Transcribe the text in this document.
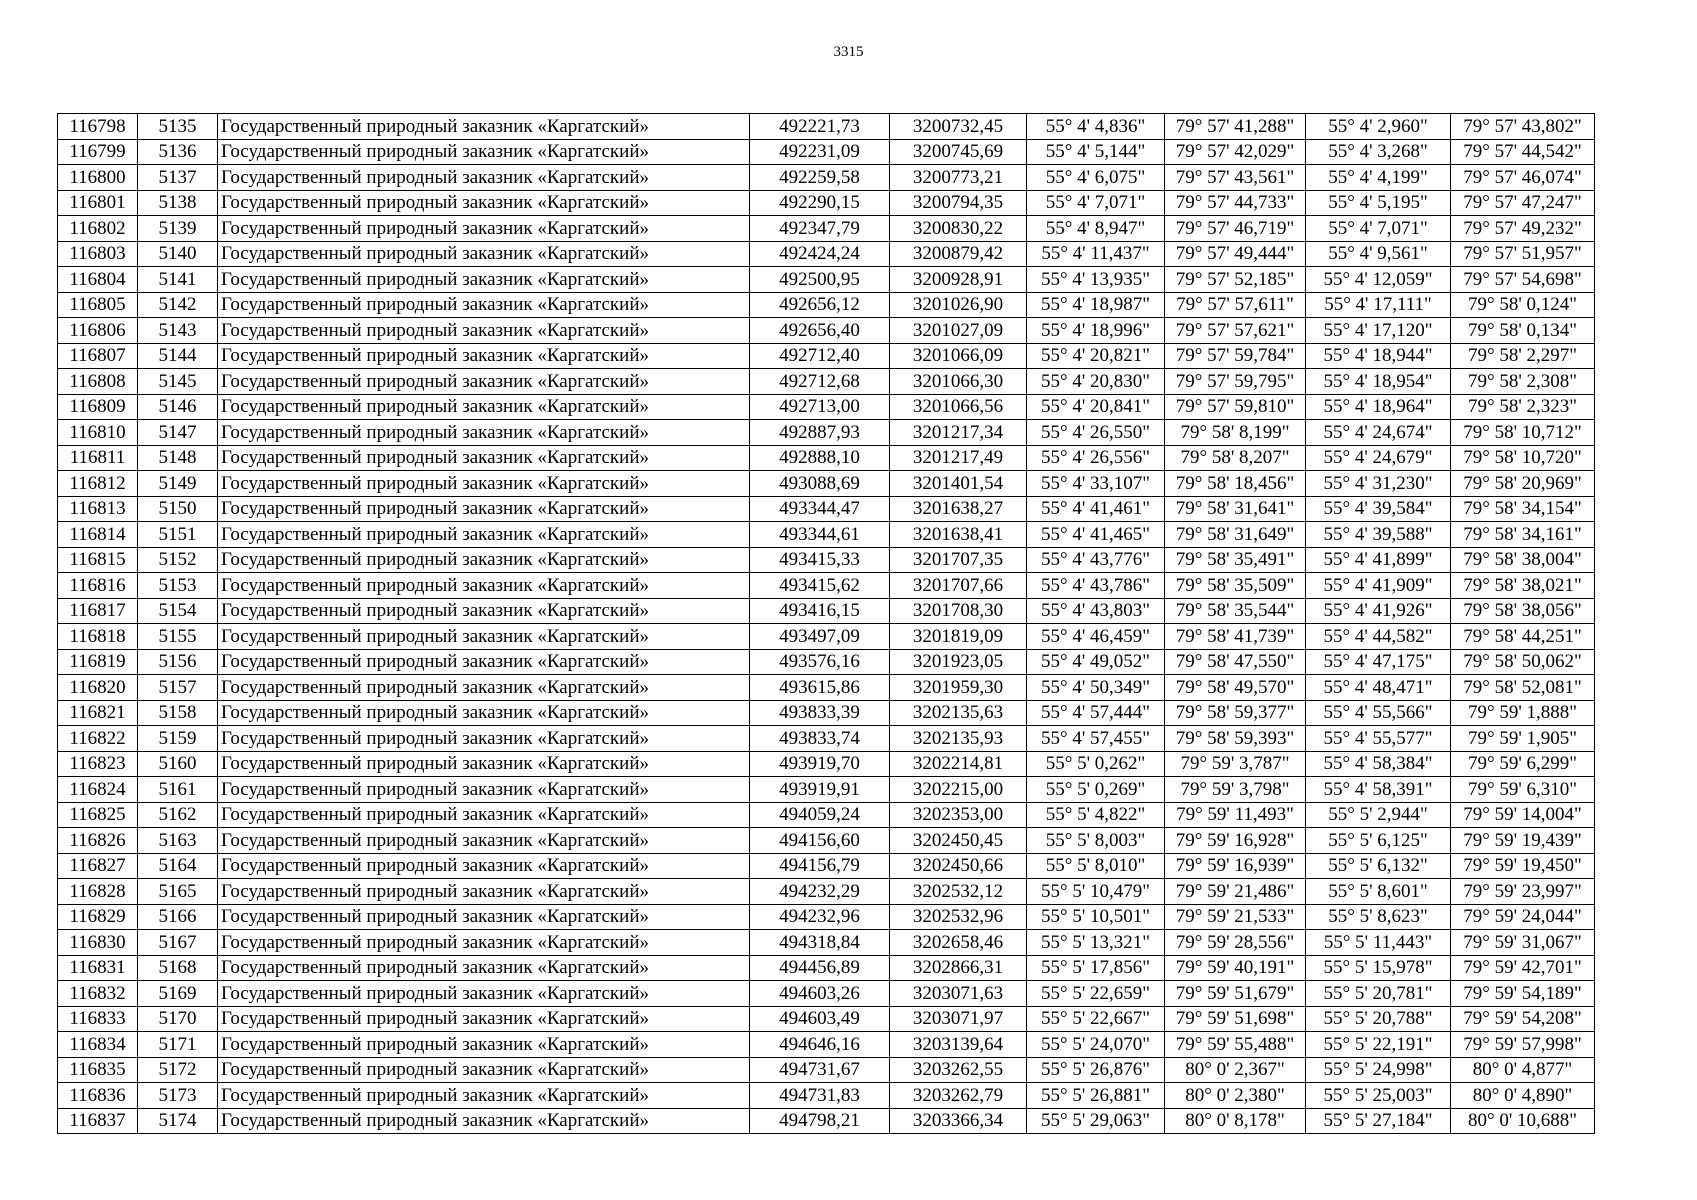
3315
116798	5135	Государственный природный заказник «Каргатский»	492221,73	3200732,45	55° 4' 4,836"	79° 57' 41,288"	55° 4' 2,960"	79° 57' 43,802"
116799	5136	Государственный природный заказник «Каргатский»	492231,09	3200745,69	55° 4' 5,144"	79° 57' 42,029"	55° 4' 3,268"	79° 57' 44,542"
116800	5137	Государственный природный заказник «Каргатский»	492259,58	3200773,21	55° 4' 6,075"	79° 57' 43,561"	55° 4' 4,199"	79° 57' 46,074"
116801	5138	Государственный природный заказник «Каргатский»	492290,15	3200794,35	55° 4' 7,071"	79° 57' 44,733"	55° 4' 5,195"	79° 57' 47,247"
116802	5139	Государственный природный заказник «Каргатский»	492347,79	3200830,22	55° 4' 8,947"	79° 57' 46,719"	55° 4' 7,071"	79° 57' 49,232"
116803	5140	Государственный природный заказник «Каргатский»	492424,24	3200879,42	55° 4' 11,437"	79° 57' 49,444"	55° 4' 9,561"	79° 57' 51,957"
116804	5141	Государственный природный заказник «Каргатский»	492500,95	3200928,91	55° 4' 13,935"	79° 57' 52,185"	55° 4' 12,059"	79° 57' 54,698"
116805	5142	Государственный природный заказник «Каргатский»	492656,12	3201026,90	55° 4' 18,987"	79° 57' 57,611"	55° 4' 17,111"	79° 58' 0,124"
116806	5143	Государственный природный заказник «Каргатский»	492656,40	3201027,09	55° 4' 18,996"	79° 57' 57,621"	55° 4' 17,120"	79° 58' 0,134"
116807	5144	Государственный природный заказник «Каргатский»	492712,40	3201066,09	55° 4' 20,821"	79° 57' 59,784"	55° 4' 18,944"	79° 58' 2,297"
116808	5145	Государственный природный заказник «Каргатский»	492712,68	3201066,30	55° 4' 20,830"	79° 57' 59,795"	55° 4' 18,954"	79° 58' 2,308"
116809	5146	Государственный природный заказник «Каргатский»	492713,00	3201066,56	55° 4' 20,841"	79° 57' 59,810"	55° 4' 18,964"	79° 58' 2,323"
116810	5147	Государственный природный заказник «Каргатский»	492887,93	3201217,34	55° 4' 26,550"	79° 58' 8,199"	55° 4' 24,674"	79° 58' 10,712"
116811	5148	Государственный природный заказник «Каргатский»	492888,10	3201217,49	55° 4' 26,556"	79° 58' 8,207"	55° 4' 24,679"	79° 58' 10,720"
116812	5149	Государственный природный заказник «Каргатский»	493088,69	3201401,54	55° 4' 33,107"	79° 58' 18,456"	55° 4' 31,230"	79° 58' 20,969"
116813	5150	Государственный природный заказник «Каргатский»	493344,47	3201638,27	55° 4' 41,461"	79° 58' 31,641"	55° 4' 39,584"	79° 58' 34,154"
116814	5151	Государственный природный заказник «Каргатский»	493344,61	3201638,41	55° 4' 41,465"	79° 58' 31,649"	55° 4' 39,588"	79° 58' 34,161"
116815	5152	Государственный природный заказник «Каргатский»	493415,33	3201707,35	55° 4' 43,776"	79° 58' 35,491"	55° 4' 41,899"	79° 58' 38,004"
116816	5153	Государственный природный заказник «Каргатский»	493415,62	3201707,66	55° 4' 43,786"	79° 58' 35,509"	55° 4' 41,909"	79° 58' 38,021"
116817	5154	Государственный природный заказник «Каргатский»	493416,15	3201708,30	55° 4' 43,803"	79° 58' 35,544"	55° 4' 41,926"	79° 58' 38,056"
116818	5155	Государственный природный заказник «Каргатский»	493497,09	3201819,09	55° 4' 46,459"	79° 58' 41,739"	55° 4' 44,582"	79° 58' 44,251"
116819	5156	Государственный природный заказник «Каргатский»	493576,16	3201923,05	55° 4' 49,052"	79° 58' 47,550"	55° 4' 47,175"	79° 58' 50,062"
116820	5157	Государственный природный заказник «Каргатский»	493615,86	3201959,30	55° 4' 50,349"	79° 58' 49,570"	55° 4' 48,471"	79° 58' 52,081"
116821	5158	Государственный природный заказник «Каргатский»	493833,39	3202135,63	55° 4' 57,444"	79° 58' 59,377"	55° 4' 55,566"	79° 59' 1,888"
116822	5159	Государственный природный заказник «Каргатский»	493833,74	3202135,93	55° 4' 57,455"	79° 58' 59,393"	55° 4' 55,577"	79° 59' 1,905"
116823	5160	Государственный природный заказник «Каргатский»	493919,70	3202214,81	55° 5' 0,262"	79° 59' 3,787"	55° 4' 58,384"	79° 59' 6,299"
116824	5161	Государственный природный заказник «Каргатский»	493919,91	3202215,00	55° 5' 0,269"	79° 59' 3,798"	55° 4' 58,391"	79° 59' 6,310"
116825	5162	Государственный природный заказник «Каргатский»	494059,24	3202353,00	55° 5' 4,822"	79° 59' 11,493"	55° 5' 2,944"	79° 59' 14,004"
116826	5163	Государственный природный заказник «Каргатский»	494156,60	3202450,45	55° 5' 8,003"	79° 59' 16,928"	55° 5' 6,125"	79° 59' 19,439"
116827	5164	Государственный природный заказник «Каргатский»	494156,79	3202450,66	55° 5' 8,010"	79° 59' 16,939"	55° 5' 6,132"	79° 59' 19,450"
116828	5165	Государственный природный заказник «Каргатский»	494232,29	3202532,12	55° 5' 10,479"	79° 59' 21,486"	55° 5' 8,601"	79° 59' 23,997"
116829	5166	Государственный природный заказник «Каргатский»	494232,96	3202532,96	55° 5' 10,501"	79° 59' 21,533"	55° 5' 8,623"	79° 59' 24,044"
116830	5167	Государственный природный заказник «Каргатский»	494318,84	3202658,46	55° 5' 13,321"	79° 59' 28,556"	55° 5' 11,443"	79° 59' 31,067"
116831	5168	Государственный природный заказник «Каргатский»	494456,89	3202866,31	55° 5' 17,856"	79° 59' 40,191"	55° 5' 15,978"	79° 59' 42,701"
116832	5169	Государственный природный заказник «Каргатский»	494603,26	3203071,63	55° 5' 22,659"	79° 59' 51,679"	55° 5' 20,781"	79° 59' 54,189"
116833	5170	Государственный природный заказник «Каргатский»	494603,49	3203071,97	55° 5' 22,667"	79° 59' 51,698"	55° 5' 20,788"	79° 59' 54,208"
116834	5171	Государственный природный заказник «Каргатский»	494646,16	3203139,64	55° 5' 24,070"	79° 59' 55,488"	55° 5' 22,191"	79° 59' 57,998"
116835	5172	Государственный природный заказник «Каргатский»	494731,67	3203262,55	55° 5' 26,876"	80° 0' 2,367"	55° 5' 24,998"	80° 0' 4,877"
116836	5173	Государственный природный заказник «Каргатский»	494731,83	3203262,79	55° 5' 26,881"	80° 0' 2,380"	55° 5' 25,003"	80° 0' 4,890"
116837	5174	Государственный природный заказник «Каргатский»	494798,21	3203366,34	55° 5' 29,063"	80° 0' 8,178"	55° 5' 27,184"	80° 0' 10,688"
